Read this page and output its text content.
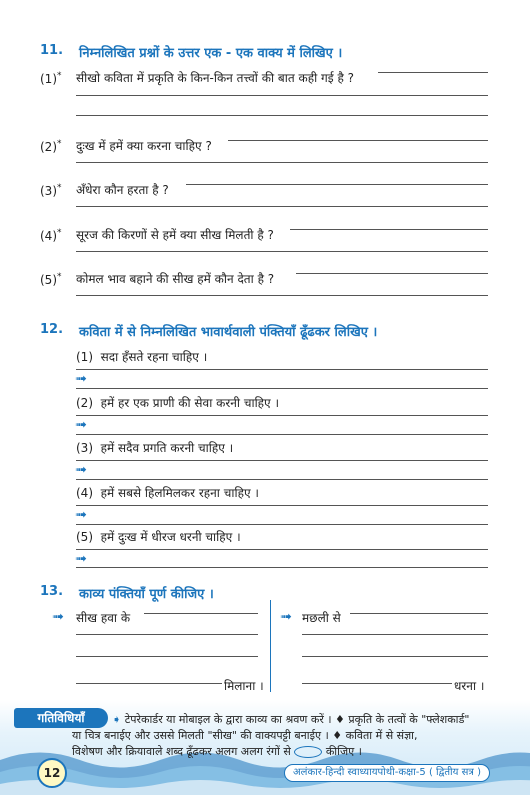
11. निम्नलिखित प्रश्नों के उत्तर एक - एक वाक्य में लिखिए ।
(1)* सीखो कविता में प्रकृति के किन-किन तत्त्वों की बात कही गई है ?
(2)* दुःख में हमें क्या करना चाहिए ?
(3)* अँधेरा कौन हरता है ?
(4)* सूरज की किरणों से हमें क्या सीख मिलती है ?
(5)* कोमल भाव बहाने की सीख हमें कौन देता है ?
12. कविता में से निम्नलिखित भावार्थवाली पंक्तियाँ ढूँढकर लिखिए ।
(1) सदा हँसते रहना चाहिए ।
➟
(2) हमें हर एक प्राणी की सेवा करनी चाहिए ।
➟
(3) हमें सदैव प्रगति करनी चाहिए ।
➟
(4) हमें सबसे हिलमिलकर रहना चाहिए ।
➟
(5) हमें दुःख में धीरज धरनी चाहिए ।
➟
13. काव्य पंक्तियाँ पूर्ण कीजिए ।
➟ सीख हवा के
मिलाना ।
➟ मछली से
धरना ।
गतिविधियाँ	➧ टेपरेकार्डर या मोबाइल के द्वारा काव्य का श्रवण करें । ♦ प्रकृति के तत्वों के "फ्लेशकार्ड"
या चित्र बनाईए और उससे मिलती "सीख" की वाक्यपट्टी बनाईए । ♦ कविता में से संज्ञा,
विशेषण और क्रियावाले शब्द ढूँढकर अलग अलग रंगों से	कीजिए ।
12	अलंकार-हिन्दी स्वाध्यायपोथी-कक्षा-5 ( द्वितीय सत्र )
